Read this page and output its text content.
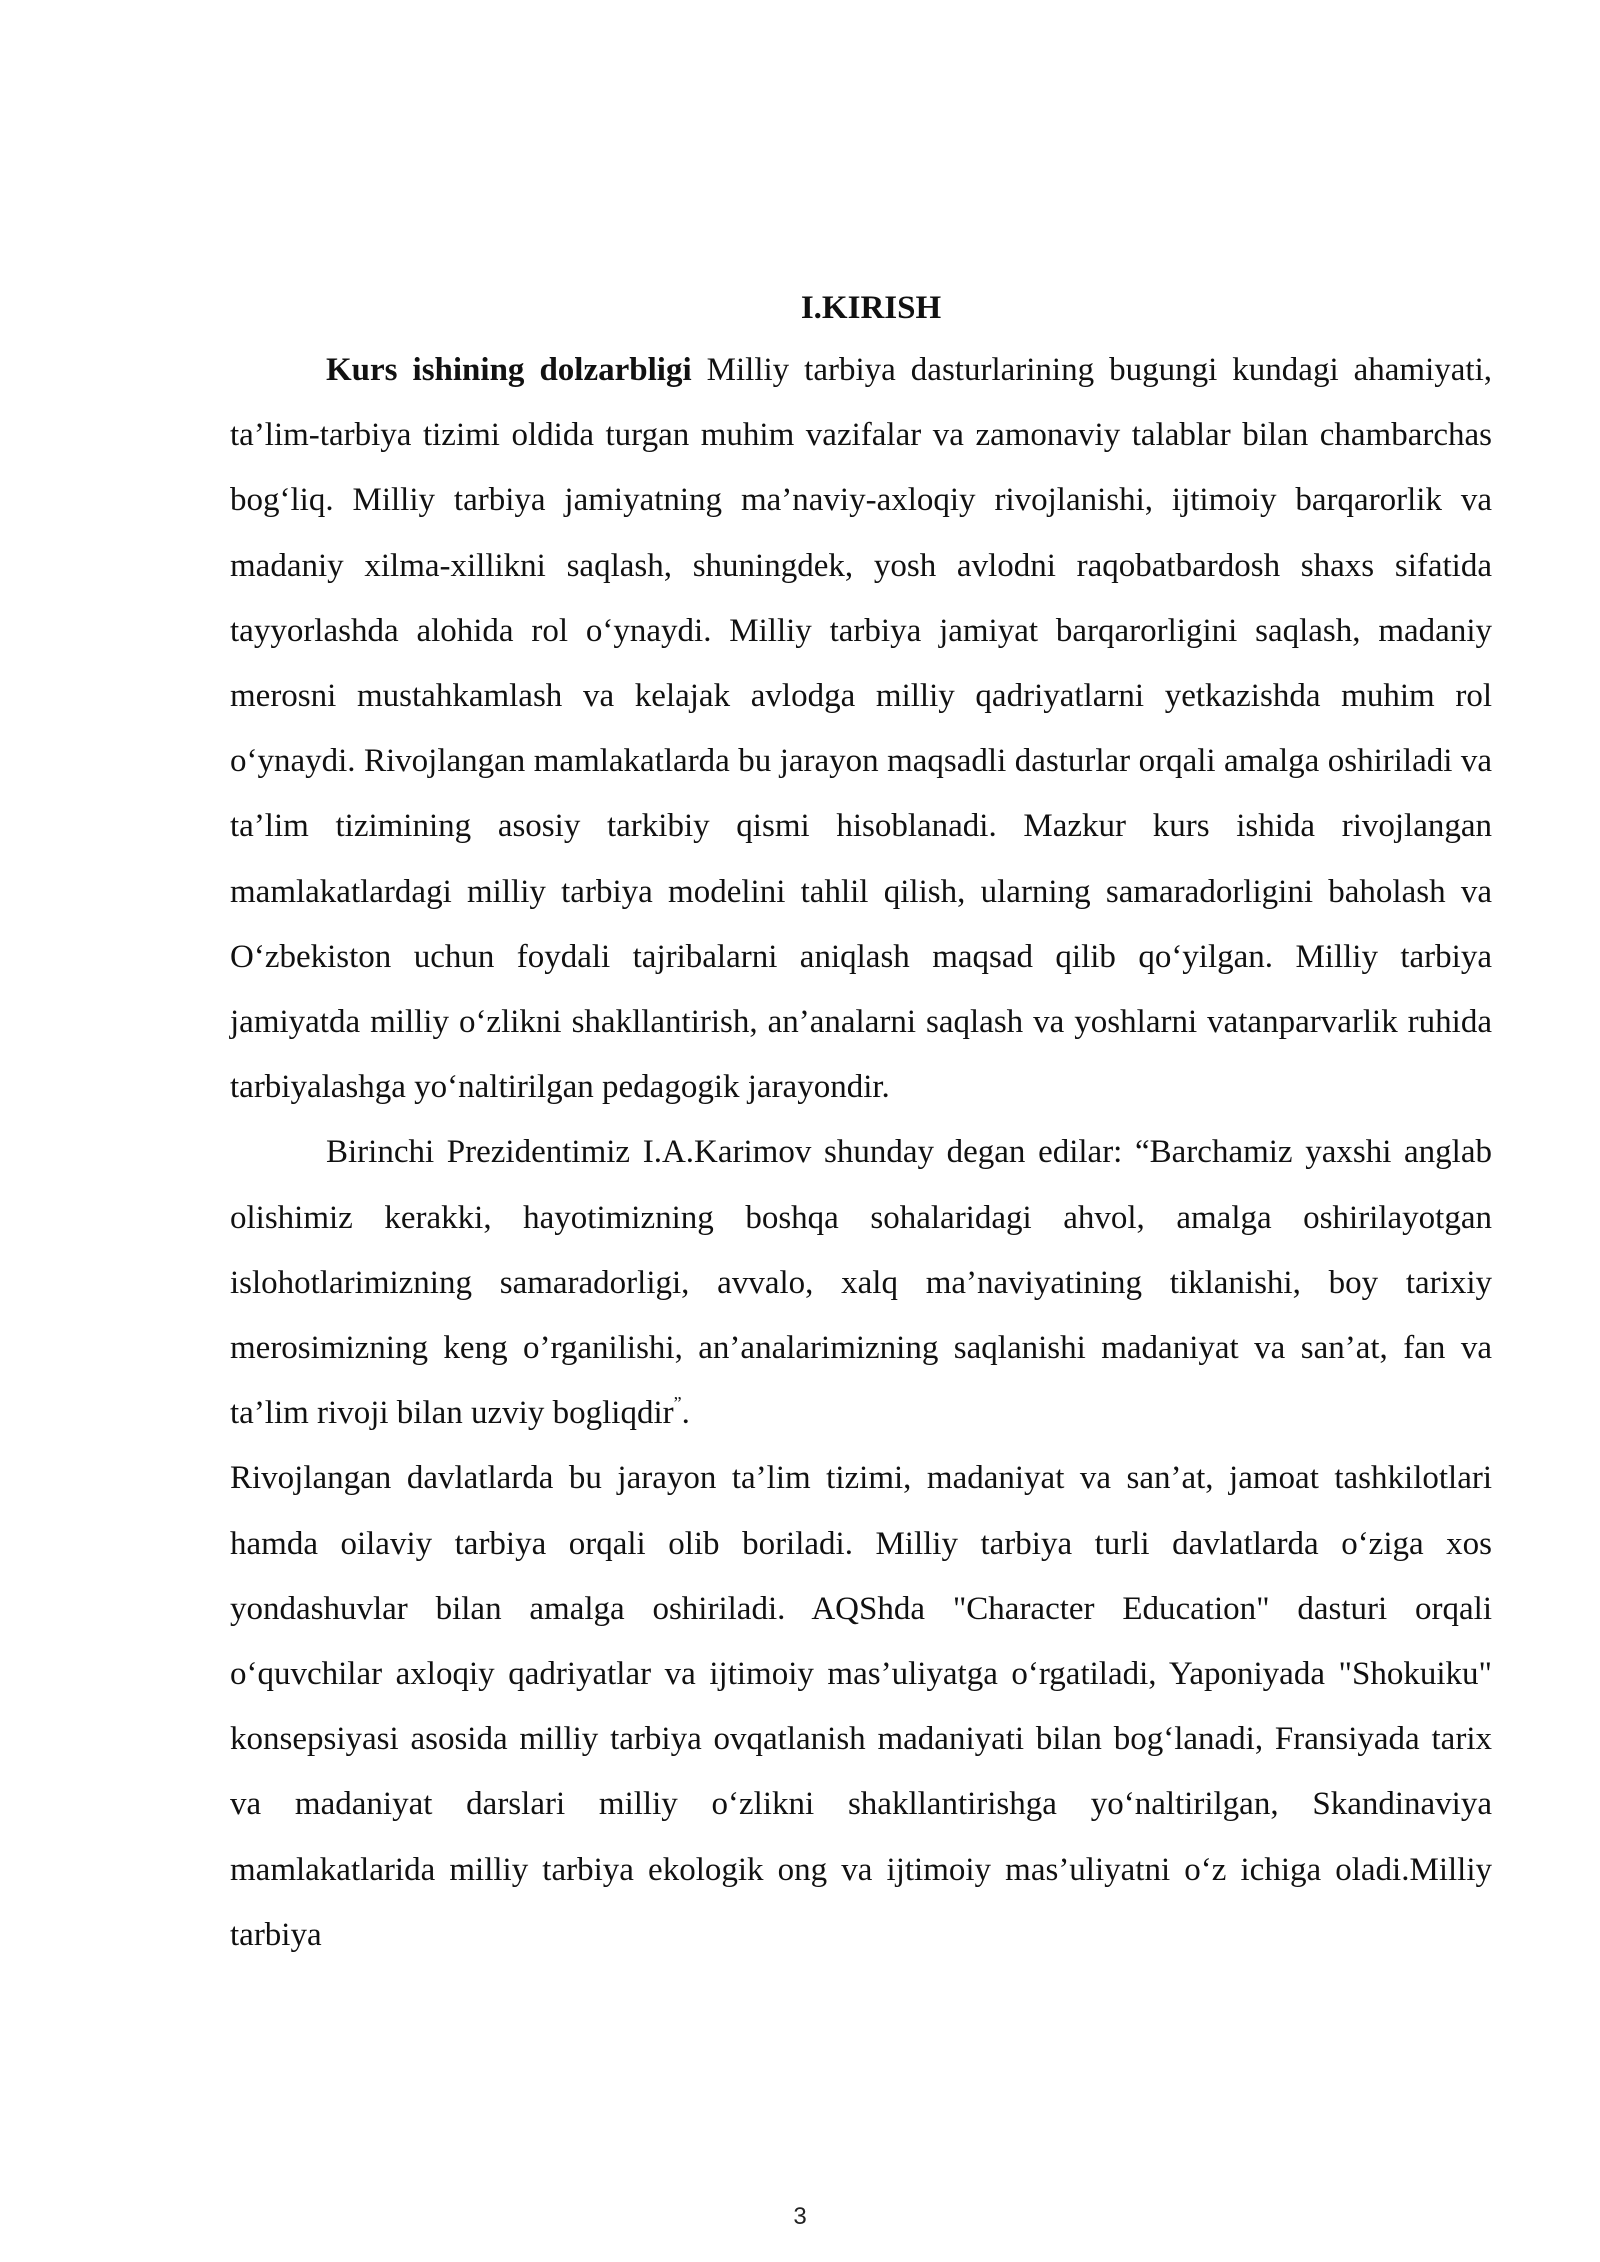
I.KIRISH

Kurs ishining dolzarbligi Milliy tarbiya dasturlarining bugungi kundagi ahamiyati, ta’lim-tarbiya tizimi oldida turgan muhim vazifalar va zamonaviy talablar bilan chambarchas bog‘liq. Milliy tarbiya jamiyatning ma’naviy-axloqiy rivojlanishi, ijtimoiy barqarorlik va madaniy xilma-xillikni saqlash, shuningdek, yosh avlodni raqobatbardosh shaxs sifatida tayyorlashda alohida rol o‘ynaydi. Milliy tarbiya jamiyat barqarorligini saqlash, madaniy merosni mustahkamlash va kelajak avlodga milliy qadriyatlarni yetkazishda muhim rol o‘ynaydi. Rivojlangan mamlakatlarda bu jarayon maqsadli dasturlar orqali amalga oshiriladi va ta’lim tizimining asosiy tarkibiy qismi hisoblanadi. Mazkur kurs ishida rivojlangan mamlakatlardagi milliy tarbiya modelini tahlil qilish, ularning samaradorligini baholash va O‘zbekiston uchun foydali tajribalarni aniqlash maqsad qilib qo‘yilgan. Milliy tarbiya jamiyatda milliy o‘zlikni shakllantirish, an’analarni saqlash va yoshlarni vatanparvarlik ruhida tarbiyalashga yo‘naltirilgan pedagogik jarayondir.

Birinchi Prezidentimiz I.A.Karimov shunday degan edilar: “Barchamiz yaxshi anglab olishimiz kerakki, hayotimizning boshqa sohalaridagi ahvol, amalga oshirilayotgan islohotlarimizning samaradorligi, avvalo, xalq ma’naviyatining tiklanishi, boy tarixiy merosimizning keng o’rganilishi, an’analarimizning saqlanishi madaniyat va san’at, fan va ta’lim rivoji bilan uzviy bogliqdir”.

Rivojlangan davlatlarda bu jarayon ta’lim tizimi, madaniyat va san’at, jamoat tashkilotlari hamda oilaviy tarbiya orqali olib boriladi. Milliy tarbiya turli davlatlarda o‘ziga xos yondashuvlar bilan amalga oshiriladi. AQShda "Character Education" dasturi orqali o‘quvchilar axloqiy qadriyatlar va ijtimoiy mas’uliyatga o‘rgatiladi, Yaponiyada "Shokuiku" konsepsiyasi asosida milliy tarbiya ovqatlanish madaniyati bilan bog‘lanadi, Fransiyada tarix va madaniyat darslari milliy o‘zlikni shakllantirishga yo‘naltirilgan, Skandinaviya mamlakatlarida milliy tarbiya ekologik ong va ijtimoiy mas’uliyatni o‘z ichiga oladi.Milliy tarbiya

3
